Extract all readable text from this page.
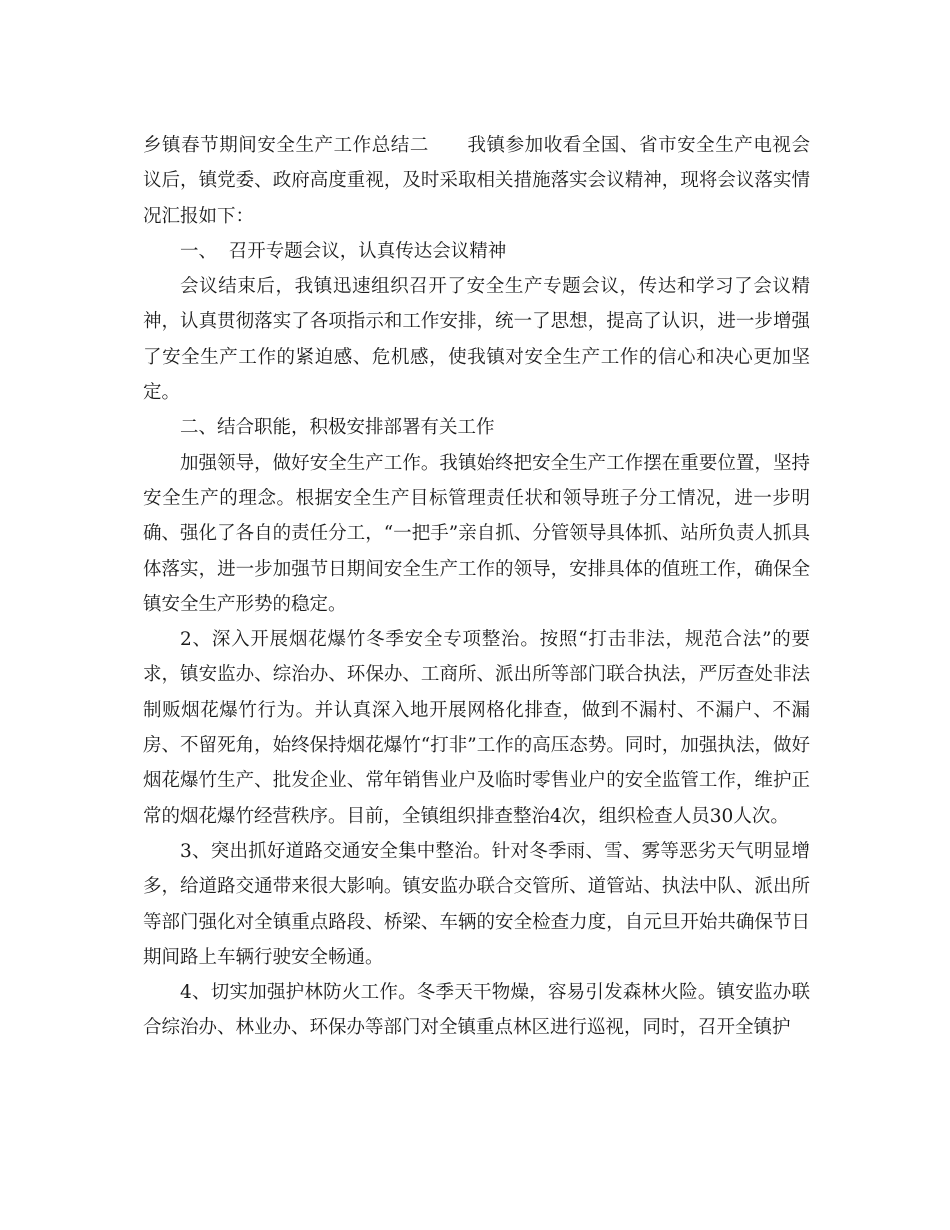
乡镇春节期间安全生产工作总结二 我镇参加收看全国、省市安全生产电视会议后，镇党委、政府高度重视，及时采取相关措施落实会议精神，现将会议落实情况汇报如下：

一、  召开专题会议，认真传达会议精神

会议结束后，我镇迅速组织召开了安全生产专题会议，传达和学习了会议精神，认真贯彻落实了各项指示和工作安排，统一了思想，提高了认识，进一步增强了安全生产工作的紧迫感、危机感，使我镇对安全生产工作的信心和决心更加坚定。

二、结合职能，积极安排部署有关工作

加强领导，做好安全生产工作。我镇始终把安全生产工作摆在重要位置，坚持安全生产的理念。根据安全生产目标管理责任状和领导班子分工情况，进一步明确、强化了各自的责任分工，“一把手”亲自抓、分管领导具体抓、站所负责人抓具体落实，进一步加强节日期间安全生产工作的领导，安排具体的值班工作，确保全镇安全生产形势的稳定。

2、深入开展烟花爆竹冬季安全专项整治。按照“打击非法，规范合法”的要求，镇安监办、综治办、环保办、工商所、派出所等部门联合执法，严厉查处非法制贩烟花爆竹行为。并认真深入地开展网格化排查，做到不漏村、不漏户、不漏房、不留死角，始终保持烟花爆竹“打非”工作的高压态势。同时，加强执法，做好烟花爆竹生产、批发企业、常年销售业户及临时零售业户的安全监管工作，维护正常的烟花爆竹经营秩序。目前，全镇组织排查整治4次，组织检查人员30人次。

3、突出抓好道路交通安全集中整治。针对冬季雨、雪、雾等恶劣天气明显增多，给道路交通带来很大影响。镇安监办联合交管所、道管站、执法中队、派出所等部门强化对全镇重点路段、桥梁、车辆的安全检查力度，自元旦开始共确保节日期间路上车辆行驶安全畅通。

4、切实加强护林防火工作。冬季天干物燥，容易引发森林火险。镇安监办联合综治办、林业办、环保办等部门对全镇重点林区进行巡视，同时，召开全镇护
